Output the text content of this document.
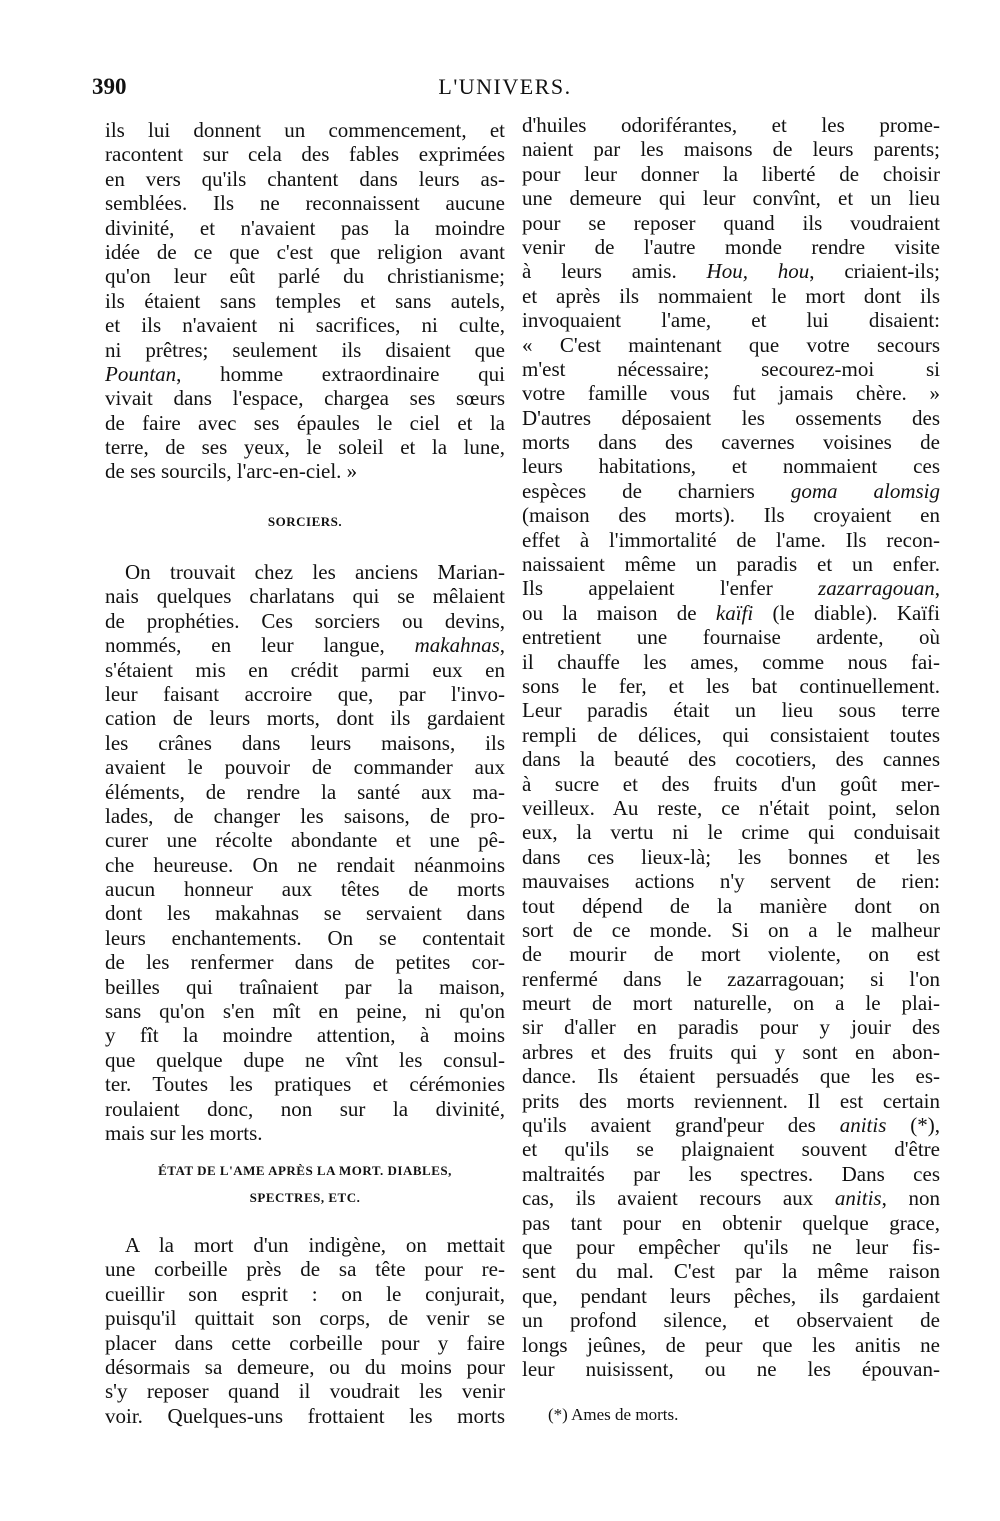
390	L'UNIVERS.
ils lui donnent un commencement, et
racontent sur cela des fables exprimées
en vers qu'ils chantent dans leurs as-
semblées. Ils ne reconnaissent aucune
divinité, et n'avaient pas la moindre
idée de ce que c'est que religion avant
qu'on leur eût parlé du christianisme;
ils étaient sans temples et sans autels,
et ils n'avaient ni sacrifices, ni culte,
ni prêtres; seulement ils disaient que
Pountan, homme extraordinaire qui
vivait dans l'espace, chargea ses sœurs
de faire avec ses épaules le ciel et la
terre, de ses yeux, le soleil et la lune,
de ses sourcils, l'arc-en-ciel. »
SORCIERS.
On trouvait chez les anciens Marian-
nais quelques charlatans qui se mêlaient
de prophéties. Ces sorciers ou devins,
nommés, en leur langue, makahnas,
s'étaient mis en crédit parmi eux en
leur faisant accroire que, par l'invo-
cation de leurs morts, dont ils gardaient
les crânes dans leurs maisons, ils
avaient le pouvoir de commander aux
éléments, de rendre la santé aux ma-
lades, de changer les saisons, de pro-
curer une récolte abondante et une pê-
che heureuse. On ne rendait néanmoins
aucun honneur aux têtes de morts
dont les makahnas se servaient dans
leurs enchantements. On se contentait
de les renfermer dans de petites cor-
beilles qui traînaient par la maison,
sans qu'on s'en mît en peine, ni qu'on
y fît la moindre attention, à moins
que quelque dupe ne vînt les consul-
ter. Toutes les pratiques et cérémonies
roulaient donc, non sur la divinité,
mais sur les morts.
ÉTAT DE L'AME APRÈS LA MORT. DIABLES,
SPECTRES, ETC.
A la mort d'un indigène, on mettait
une corbeille près de sa tête pour re-
cueillir son esprit : on le conjurait,
puisqu'il quittait son corps, de venir se
placer dans cette corbeille pour y faire
désormais sa demeure, ou du moins pour
s'y reposer quand il voudrait les venir
voir. Quelques-uns frottaient les morts
d'huiles odoriférantes, et les prome-
naient par les maisons de leurs parents;
pour leur donner la liberté de choisir
une demeure qui leur convînt, et un lieu
pour se reposer quand ils voudraient
venir de l'autre monde rendre visite
à leurs amis. Hou, hou, criaient-ils;
et après ils nommaient le mort dont ils
invoquaient l'ame, et lui disaient:
« C'est maintenant que votre secours
m'est nécessaire; secourez-moi si
votre famille vous fut jamais chère. »
D'autres déposaient les ossements des
morts dans des cavernes voisines de
leurs habitations, et nommaient ces
espèces de charniers goma alomsig
(maison des morts). Ils croyaient en
effet à l'immortalité de l'ame. Ils recon-
naissaient même un paradis et un enfer.
Ils appelaient l'enfer zazarragouan,
ou la maison de kaïfi (le diable). Kaïfi
entretient une fournaise ardente, où
il chauffe les ames, comme nous fai-
sons le fer, et les bat continuellement.
Leur paradis était un lieu sous terre
rempli de délices, qui consistaient toutes
dans la beauté des cocotiers, des cannes
à sucre et des fruits d'un goût mer-
veilleux. Au reste, ce n'était point, selon
eux, la vertu ni le crime qui conduisait
dans ces lieux-là; les bonnes et les
mauvaises actions n'y servent de rien:
tout dépend de la manière dont on
sort de ce monde. Si on a le malheur
de mourir de mort violente, on est
renfermé dans le zazarragouan; si l'on
meurt de mort naturelle, on a le plai-
sir d'aller en paradis pour y jouir des
arbres et des fruits qui y sont en abon-
dance. Ils étaient persuadés que les es-
prits des morts reviennent. Il est certain
qu'ils avaient grand'peur des anitis (*),
et qu'ils se plaignaient souvent d'être
maltraités par les spectres. Dans ces
cas, ils avaient recours aux anitis, non
pas tant pour en obtenir quelque grace,
que pour empêcher qu'ils ne leur fis-
sent du mal. C'est par la même raison
que, pendant leurs pêches, ils gardaient
un profond silence, et observaient de
longs jeûnes, de peur que les anitis ne
leur nuisissent, ou ne les épouvan-
(*) Ames de morts.
